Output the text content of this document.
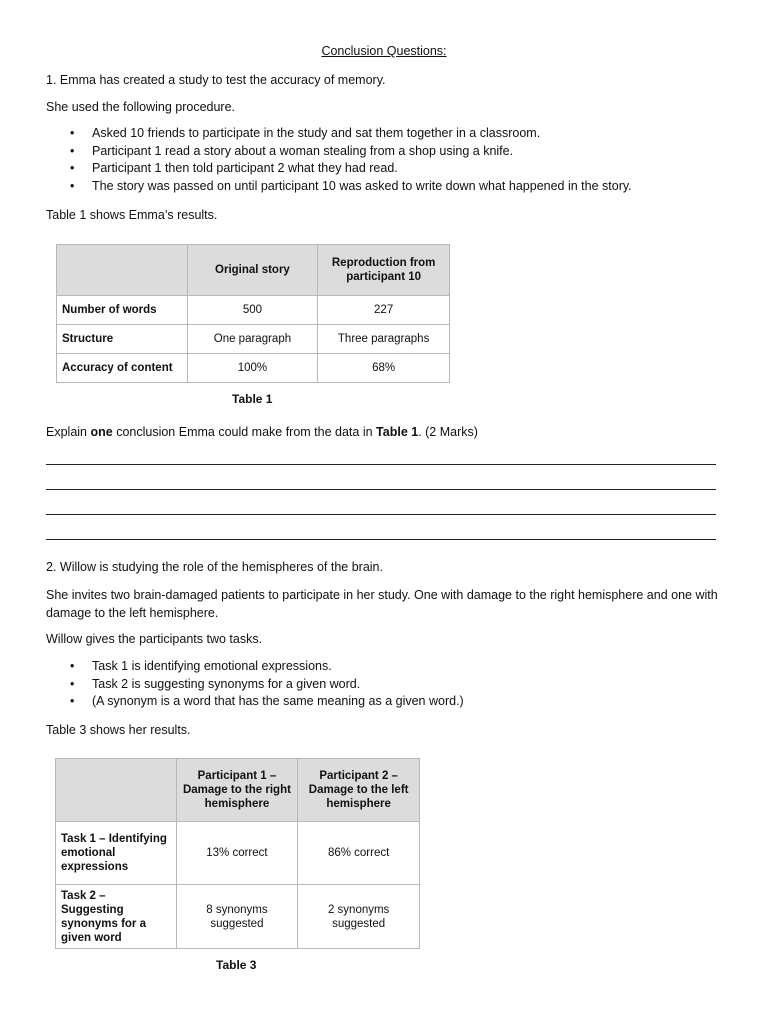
Conclusion Questions:

1. Emma has created a study to test the accuracy of memory.

She used the following procedure.

• Asked 10 friends to participate in the study and sat them together in a classroom.
• Participant 1 read a story about a woman stealing from a shop using a knife.
• Participant 1 then told participant 2 what they had read.
• The story was passed on until participant 10 was asked to write down what happened in the story.

Table 1 shows Emma’s results.

	Original story	Reproduction from participant 10
Number of words	500	227
Structure	One paragraph	Three paragraphs
Accuracy of content	100%	68%
Table 1

Explain one conclusion Emma could make from the data in Table 1. (2 Marks)

2. Willow is studying the role of the hemispheres of the brain.

She invites two brain-damaged patients to participate in her study. One with damage to the right hemisphere and one with damage to the left hemisphere.

Willow gives the participants two tasks.

• Task 1 is identifying emotional expressions.
• Task 2 is suggesting synonyms for a given word.
• (A synonym is a word that has the same meaning as a given word.)

Table 3 shows her results.

	Participant 1 – Damage to the right hemisphere	Participant 2 – Damage to the left hemisphere
Task 1 – Identifying emotional expressions	13% correct	86% correct
Task 2 – Suggesting synonyms for a given word	8 synonyms suggested	2 synonyms suggested
Table 3
